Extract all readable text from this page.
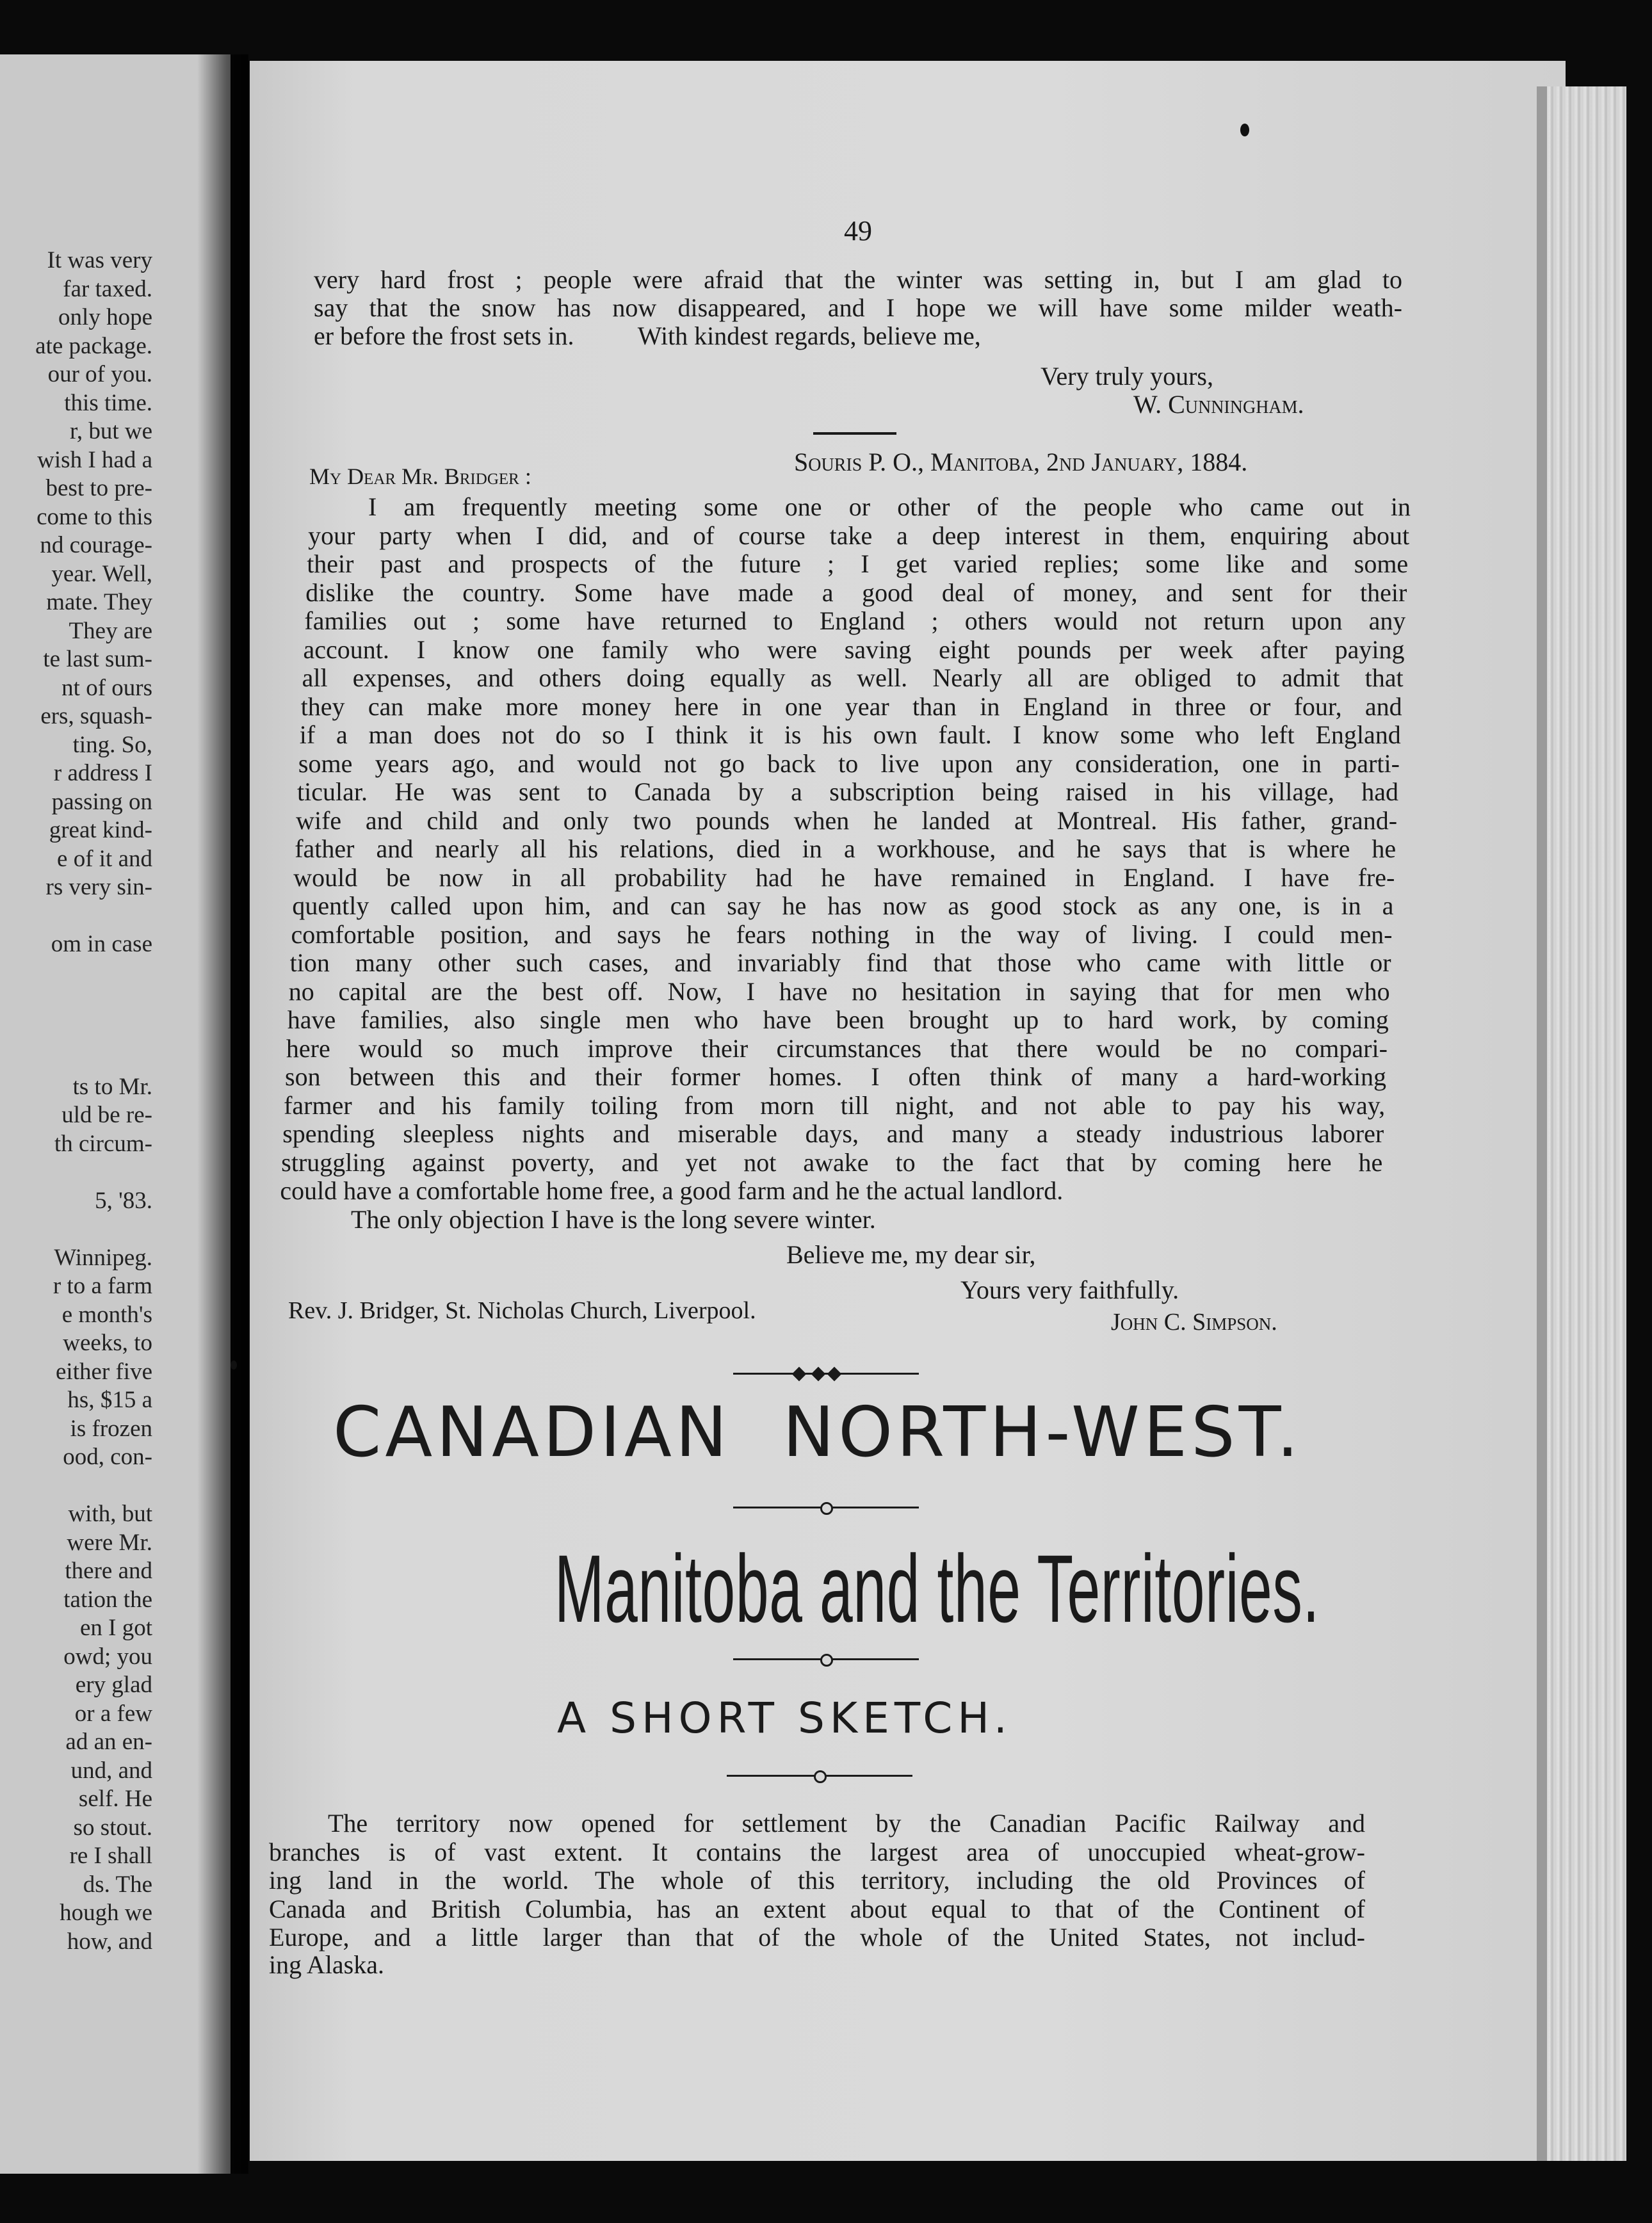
It was very
far taxed.
only hope
ate package.
our of you.
this time.
r, but we
wish I had a
best to pre-
come to this
nd courage-
year. Well,
mate. They
They are
te last sum-
nt of ours
ers, squash-
ting. So,
r address I
passing on
great kind-
e of it and
rs very sin-
om in case
ts to Mr.
uld be re-
th circum-
5, '83.
Winnipeg.
r to a farm
e month's
weeks, to
either five
hs, $15 a
is frozen
ood, con-
with, but
were Mr.
there and
tation the
en I got
owd; you
ery glad
or a few
ad an en-
und, and
self. He
so stout.
re I shall
ds. The
hough we
how, and
49
very hard frost ; people were afraid that the winter was setting in, but I am glad to
say that the snow has now disappeared, and I hope we will have some milder weath-
er before the frost sets in.          With kindest regards, believe me,
Very truly yours,
W. Cunningham.
Souris P. O., Manitoba, 2nd January, 1884.
My Dear Mr. Bridger :
I am frequently meeting some one or other of the people who came out in
your party when I did, and of course take a deep interest in them, enquiring about
their past and prospects of the future ; I get varied replies; some like and some
dislike the country. Some have made a good deal of money, and sent for their
families out ; some have returned to England ; others would not return upon any
account. I know one family who were saving eight pounds per week after paying
all expenses, and others doing equally as well. Nearly all are obliged to admit that
they can make more money here in one year than in England in three or four, and
if a man does not do so I think it is his own fault. I know some who left England
some years ago, and would not go back to live upon any consideration, one in parti-
ticular. He was sent to Canada by a subscription being raised in his village, had
wife and child and only two pounds when he landed at Montreal. His father, grand-
father and nearly all his relations, died in a workhouse, and he says that is where he
would be now in all probability had he have remained in England. I have fre-
quently called upon him, and can say he has now as good stock as any one, is in a
comfortable position, and says he fears nothing in the way of living. I could men-
tion many other such cases, and invariably find that those who came with little or
no capital are the best off. Now, I have no hesitation in saying that for men who
have families, also single men who have been brought up to hard work, by coming
here would so much improve their circumstances that there would be no compari-
son between this and their former homes. I often think of many a hard-working
farmer and his family toiling from morn till night, and not able to pay his way,
spending sleepless nights and miserable days, and many a steady industrious laborer
struggling against poverty, and yet not awake to the fact that by coming here he
could have a comfortable home free, a good farm and he the actual landlord.
The only objection I have is the long severe winter.
Believe me, my dear sir,
Yours very faithfully.
Rev. J. Bridger, St. Nicholas Church, Liverpool.	John C. Simpson.
CANADIAN  NORTH-WEST.
Manitoba and the Territories.
A SHORT SKETCH.
The territory now opened for settlement by the Canadian Pacific Railway and
branches is of vast extent. It contains the largest area of unoccupied wheat-grow-
ing land in the world. The whole of this territory, including the old Provinces of
Canada and British Columbia, has an extent about equal to that of the Continent of
Europe, and a little larger than that of the whole of the United States, not includ-
ing Alaska.
